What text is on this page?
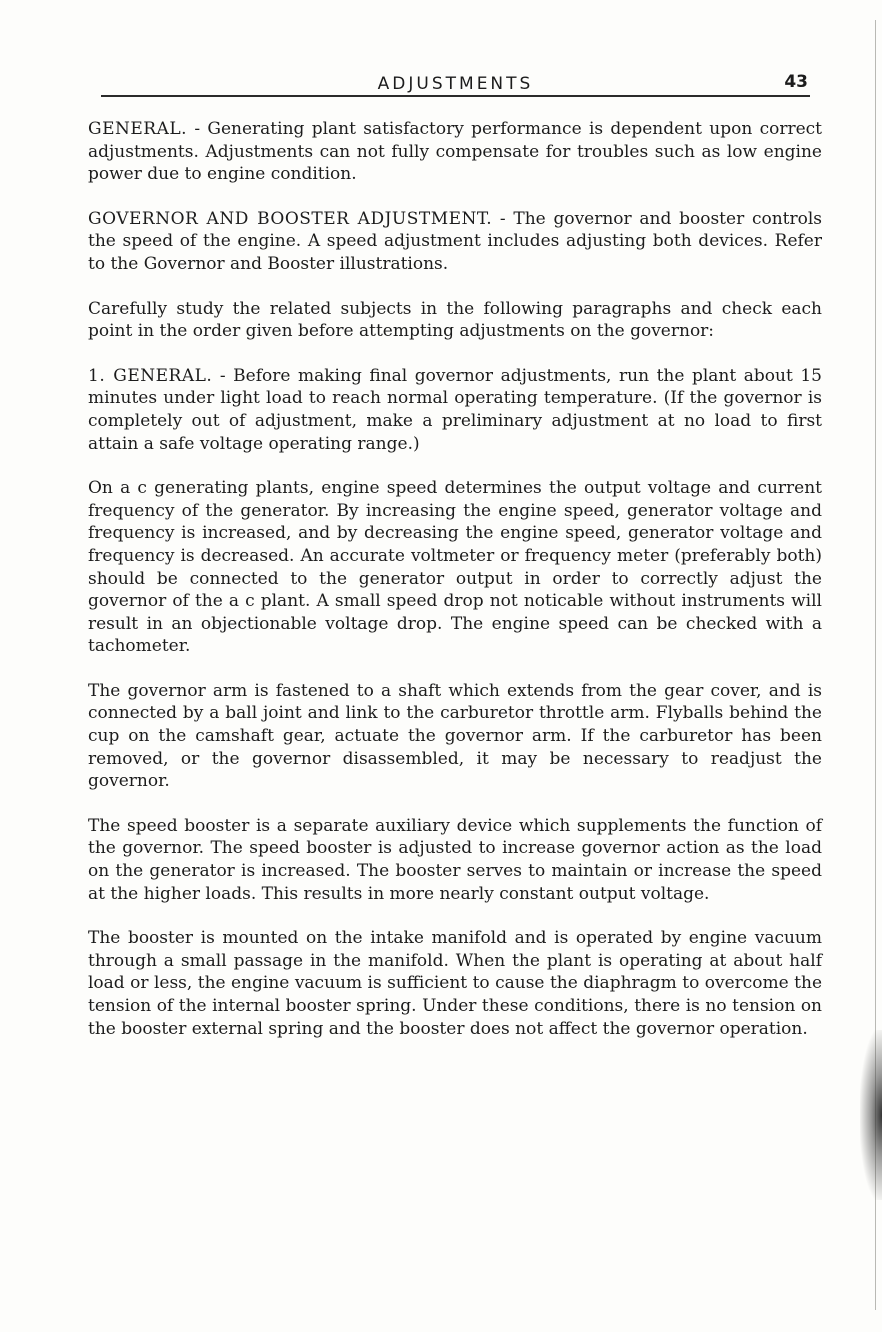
ADJUSTMENTS	43

GENERAL. - Generating plant satisfactory performance is dependent upon correct adjustments. Adjustments can not fully compensate for troubles such as low engine power due to engine condition.

GOVERNOR AND BOOSTER ADJUSTMENT. - The governor and booster controls the speed of the engine. A speed adjustment includes adjusting both devices. Refer to the Governor and Booster illustrations.

Carefully study the related subjects in the following paragraphs and check each point in the order given before attempting adjustments on the governor:

1. GENERAL. - Before making final governor adjustments, run the plant about 15 minutes under light load to reach normal operating temperature. (If the governor is completely out of adjustment, make a preliminary adjustment at no load to first attain a safe voltage operating range.)

On a c generating plants, engine speed determines the output voltage and current frequency of the generator. By increasing the engine speed, generator voltage and frequency is increased, and by decreasing the engine speed, generator voltage and frequency is decreased. An accurate voltmeter or frequency meter (preferably both) should be connected to the generator output in order to correctly adjust the governor of the a c plant. A small speed drop not noticable without instruments will result in an objectionable voltage drop. The engine speed can be checked with a tachometer.

The governor arm is fastened to a shaft which extends from the gear cover, and is connected by a ball joint and link to the carburetor throttle arm. Flyballs behind the cup on the camshaft gear, actuate the governor arm. If the carburetor has been removed, or the governor disassembled, it may be necessary to readjust the governor.

The speed booster is a separate auxiliary device which supplements the function of the governor. The speed booster is adjusted to increase governor action as the load on the generator is increased. The booster serves to maintain or increase the speed at the higher loads. This results in more nearly constant output voltage.

The booster is mounted on the intake manifold and is operated by engine vacuum through a small passage in the manifold. When the plant is operating at about half load or less, the engine vacuum is sufficient to cause the diaphragm to overcome the tension of the internal booster spring. Under these conditions, there is no tension on the booster external spring and the booster does not affect the governor operation.
